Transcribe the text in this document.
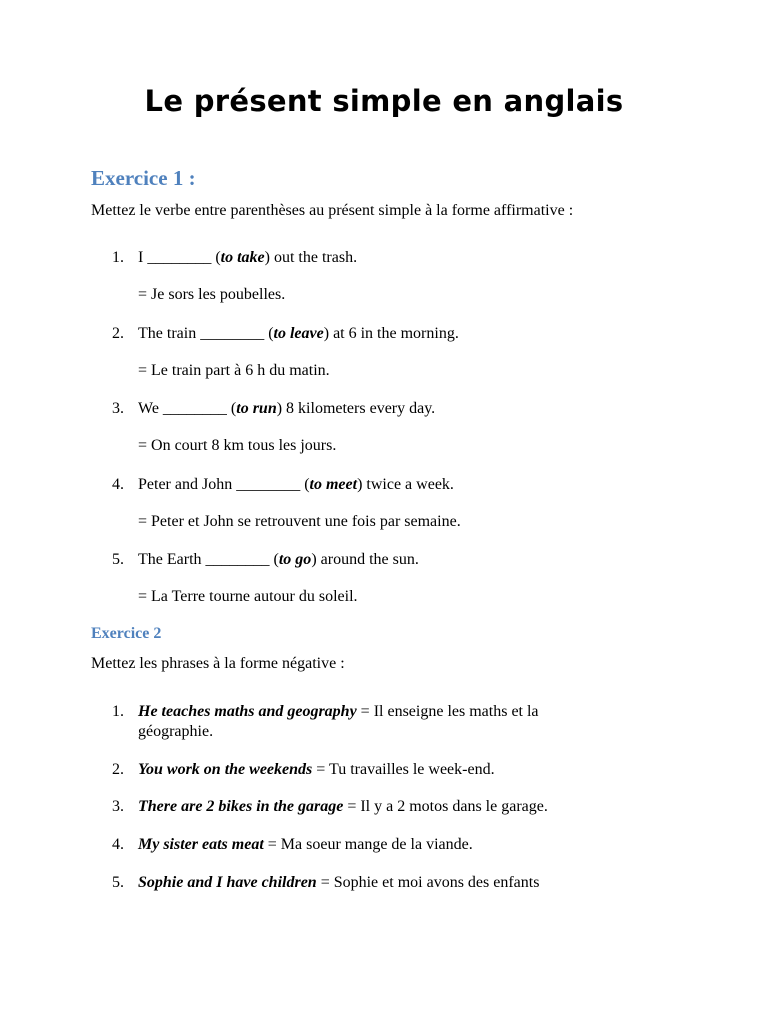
Le présent simple en anglais
Exercice 1 :

Mettez le verbe entre parenthèses au présent simple à la forme affirmative :

1. I ________ (to take) out the trash.
= Je sors les poubelles.
2. The train ________ (to leave) at 6 in the morning.
= Le train part à 6 h du matin.
3. We ________ (to run) 8 kilometers every day.
= On court 8 km tous les jours.
4. Peter and John ________ (to meet) twice a week.
= Peter et John se retrouvent une fois par semaine.
5. The Earth ________ (to go) around the sun.
= La Terre tourne autour du soleil.
Exercice 2

Mettez les phrases à la forme négative :

1. He teaches maths and geography = Il enseigne les maths et la géographie.
2. You work on the weekends = Tu travailles le week-end.
3. There are 2 bikes in the garage = Il y a 2 motos dans le garage.
4. My sister eats meat = Ma soeur mange de la viande.
5. Sophie and I have children = Sophie et moi avons des enfants
